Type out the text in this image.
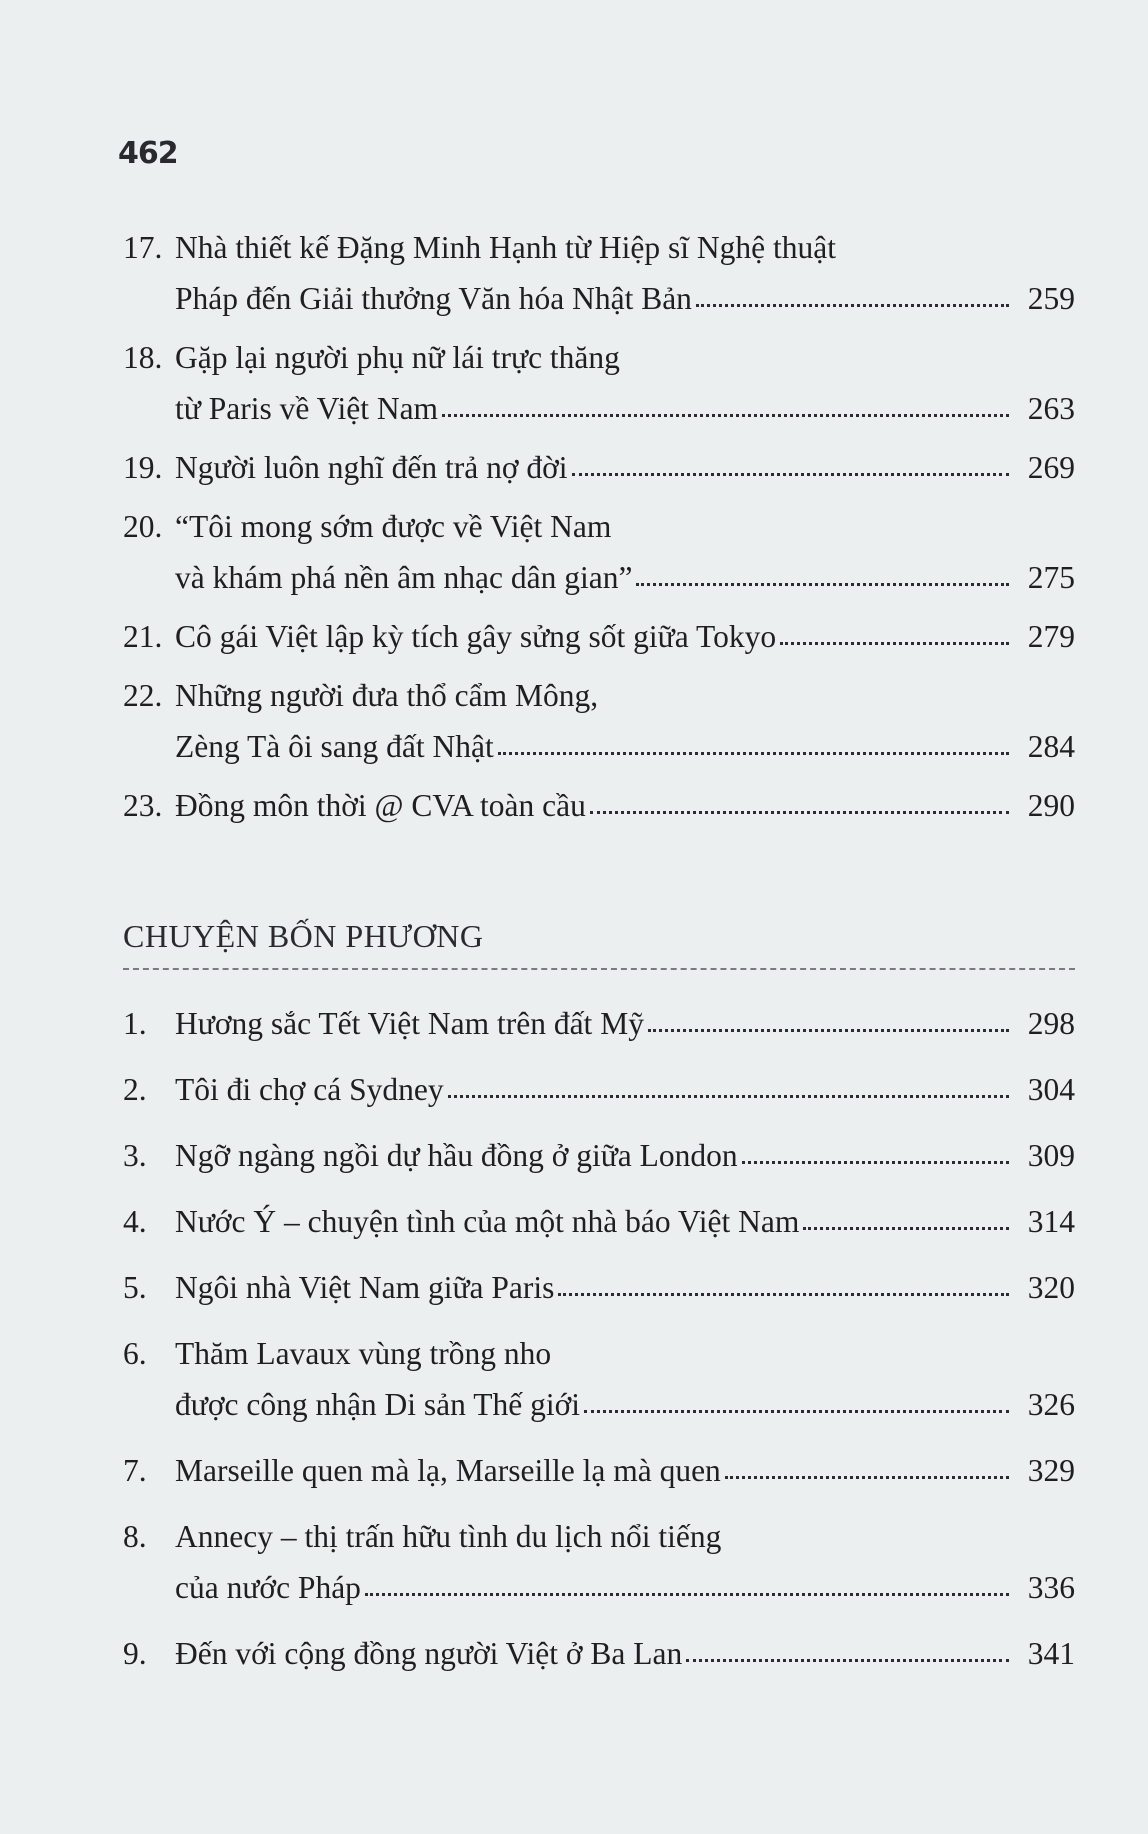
462
17. Nhà thiết kế Đặng Minh Hạnh từ Hiệp sĩ Nghệ thuật
Pháp đến Giải thưởng Văn hóa Nhật Bản	259
18. Gặp lại người phụ nữ lái trực thăng
từ Paris về Việt Nam	263
19. Người luôn nghĩ đến trả nợ đời	269
20. “Tôi mong sớm được về Việt Nam
và khám phá nền âm nhạc dân gian”	275
21. Cô gái Việt lập kỳ tích gây sửng sốt giữa Tokyo	279
22. Những người đưa thổ cẩm Mông,
Zèng Tà ôi sang đất Nhật	284
23. Đồng môn thời @ CVA toàn cầu	290
CHUYỆN BỐN PHƯƠNG
1. Hương sắc Tết Việt Nam trên đất Mỹ	298
2. Tôi đi chợ cá Sydney	304
3. Ngỡ ngàng ngồi dự hầu đồng ở giữa London	309
4. Nước Ý – chuyện tình của một nhà báo Việt Nam	314
5. Ngôi nhà Việt Nam giữa Paris	320
6. Thăm Lavaux vùng trồng nho
được công nhận Di sản Thế giới	326
7. Marseille quen mà lạ, Marseille lạ mà quen	329
8. Annecy – thị trấn hữu tình du lịch nổi tiếng
của nước Pháp	336
9. Đến với cộng đồng người Việt ở Ba Lan	341
